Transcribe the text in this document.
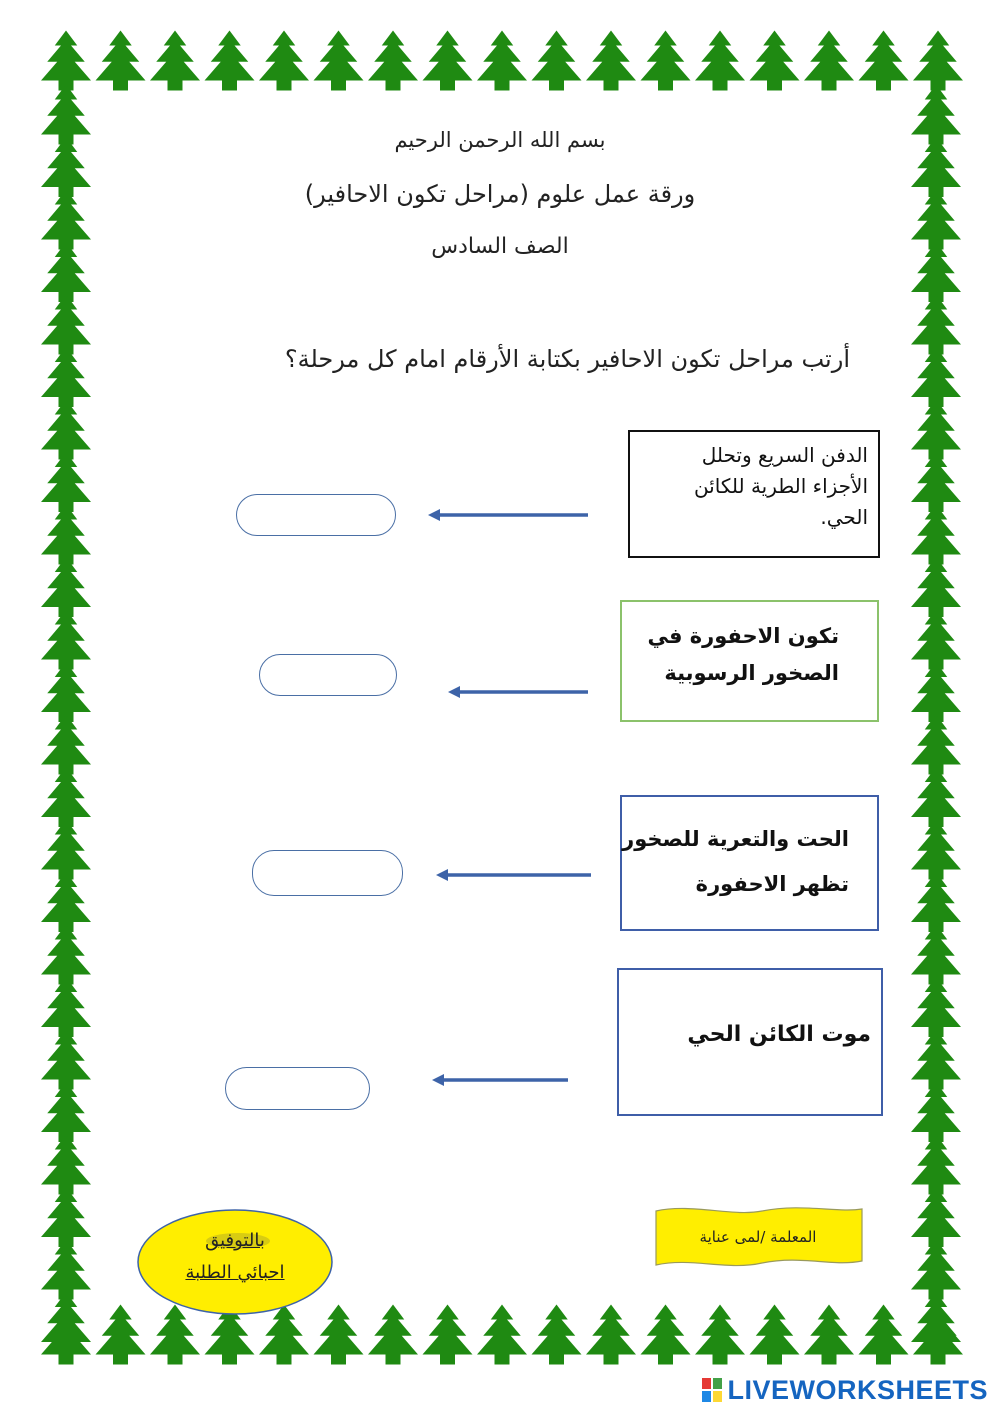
بسم الله الرحمن الرحيم
ورقة عمل علوم (مراحل تكون الاحافير)
الصف السادس
أرتب مراحل تكون الاحافير بكتابة الأرقام امام كل مرحلة؟
الدفن السريع وتحلل
الأجزاء الطرية للكائن
الحي.
تكون الاحفورة في
الصخور الرسوبية
الحت والتعرية للصخور
تظهر الاحفورة
موت الكائن الحي
المعلمة /لمى عناية
بالتوفيق
احبائي الطلبة
LIVEWORKSHEETS
